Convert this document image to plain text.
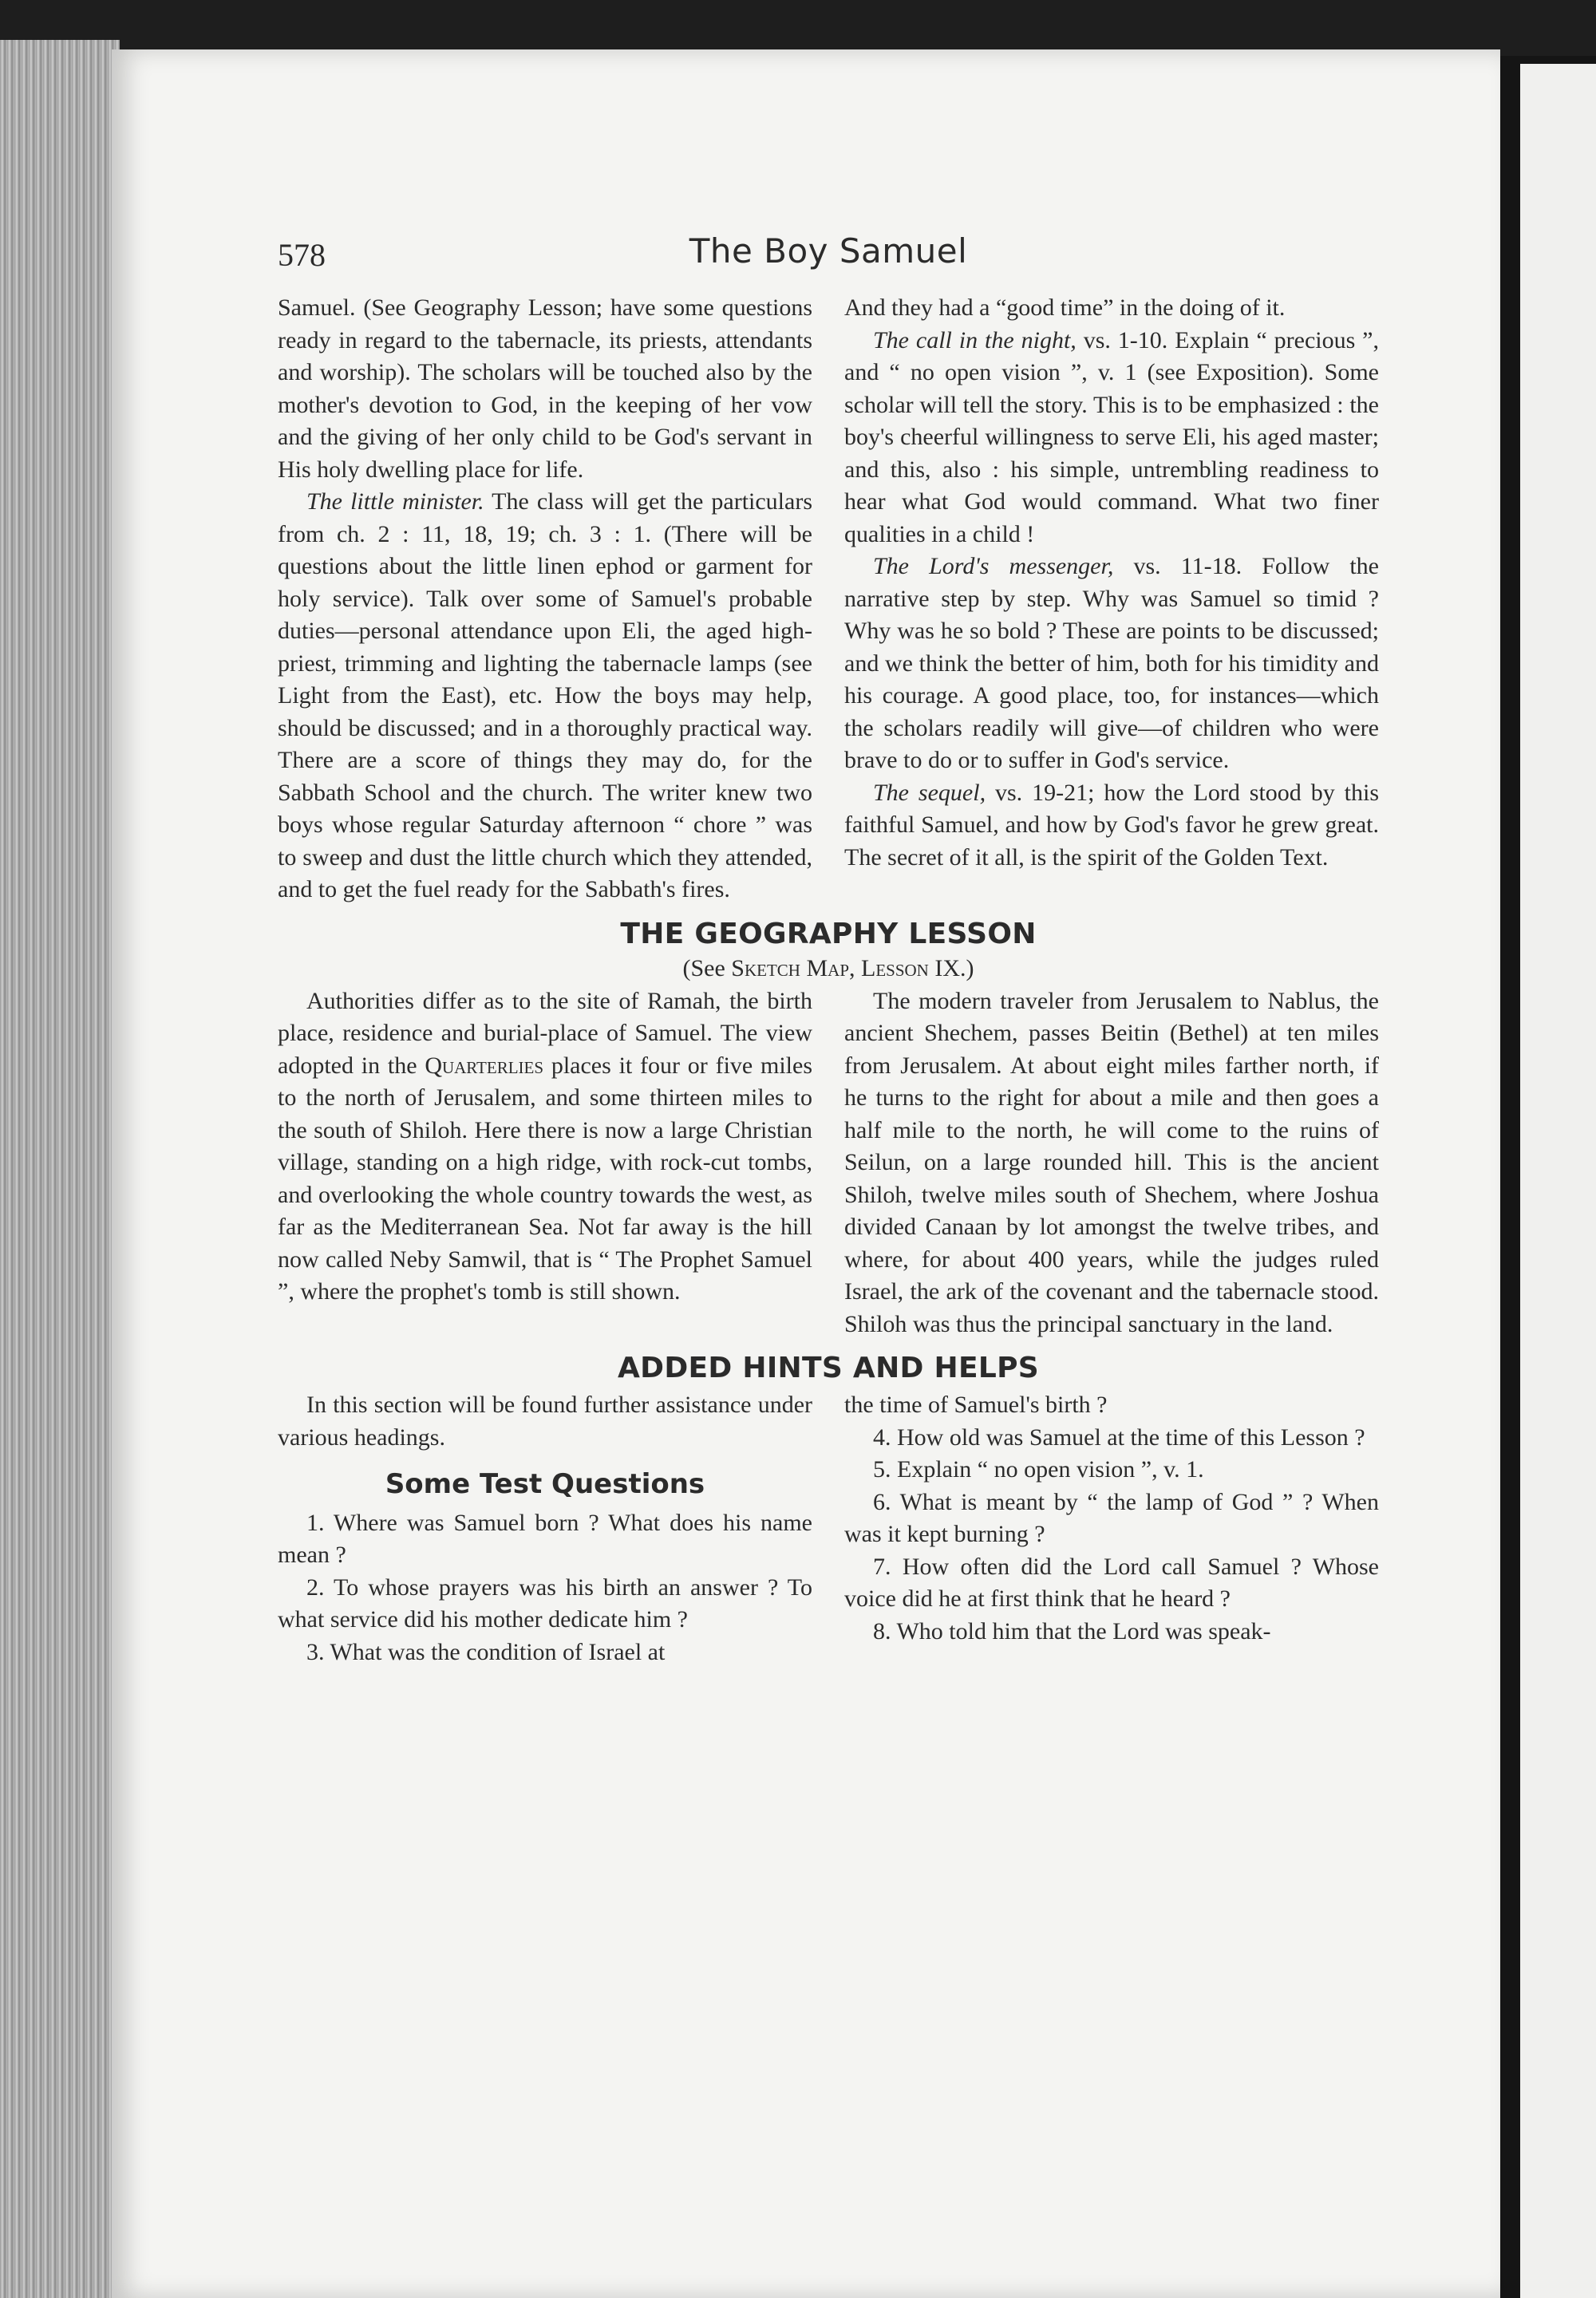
578	The Boy Samuel

Samuel. (See Geography Lesson; have some questions ready in regard to the tabernacle, its priests, attendants and worship). The scholars will be touched also by the mother's devotion to God, in the keeping of her vow and the giving of her only child to be God's servant in His holy dwelling place for life.

The little minister. The class will get the particulars from ch. 2 : 11, 18, 19; ch. 3 : 1. (There will be questions about the little linen ephod or garment for holy service). Talk over some of Samuel's probable duties—personal attendance upon Eli, the aged high-priest, trimming and lighting the tabernacle lamps (see Light from the East), etc. How the boys may help, should be discussed; and in a thoroughly practical way. There are a score of things they may do, for the Sabbath School and the church. The writer knew two boys whose regular Saturday afternoon “ chore ” was to sweep and dust the little church which they attended, and to get the fuel ready for the Sabbath's fires.

And they had a “good time” in the doing of it.

The call in the night, vs. 1-10. Explain “ precious ”, and “ no open vision ”, v. 1 (see Exposition). Some scholar will tell the story. This is to be emphasized : the boy's cheerful willingness to serve Eli, his aged master; and this, also : his simple, untrembling readiness to hear what God would command. What two finer qualities in a child !

The Lord's messenger, vs. 11-18. Follow the narrative step by step. Why was Samuel so timid ? Why was he so bold ? These are points to be discussed; and we think the better of him, both for his timidity and his courage. A good place, too, for instances—which the scholars readily will give—of children who were brave to do or to suffer in God's service.

The sequel, vs. 19-21; how the Lord stood by this faithful Samuel, and how by God's favor he grew great. The secret of it all, is the spirit of the Golden Text.

THE GEOGRAPHY LESSON
(See Sketch Map, Lesson IX.)

Authorities differ as to the site of Ramah, the birth place, residence and burial-place of Samuel. The view adopted in the Quarterlies places it four or five miles to the north of Jerusalem, and some thirteen miles to the south of Shiloh. Here there is now a large Christian village, standing on a high ridge, with rock-cut tombs, and overlooking the whole country towards the west, as far as the Mediterranean Sea. Not far away is the hill now called Neby Samwil, that is “ The Prophet Samuel ”, where the prophet's tomb is still shown.

The modern traveler from Jerusalem to Nablus, the ancient Shechem, passes Beitin (Bethel) at ten miles from Jerusalem. At about eight miles farther north, if he turns to the right for about a mile and then goes a half mile to the north, he will come to the ruins of Seilun, on a large rounded hill. This is the ancient Shiloh, twelve miles south of Shechem, where Joshua divided Canaan by lot amongst the twelve tribes, and where, for about 400 years, while the judges ruled Israel, the ark of the covenant and the tabernacle stood. Shiloh was thus the principal sanctuary in the land.

ADDED HINTS AND HELPS

In this section will be found further assistance under various headings.

Some Test Questions

1. Where was Samuel born ? What does his name mean ?

2. To whose prayers was his birth an answer ? To what service did his mother dedicate him ?

3. What was the condition of Israel at

the time of Samuel's birth ?

4. How old was Samuel at the time of this Lesson ?

5. Explain “ no open vision ”, v. 1.

6. What is meant by “ the lamp of God ” ? When was it kept burning ?

7. How often did the Lord call Samuel ? Whose voice did he at first think that he heard ?

8. Who told him that the Lord was speak-
